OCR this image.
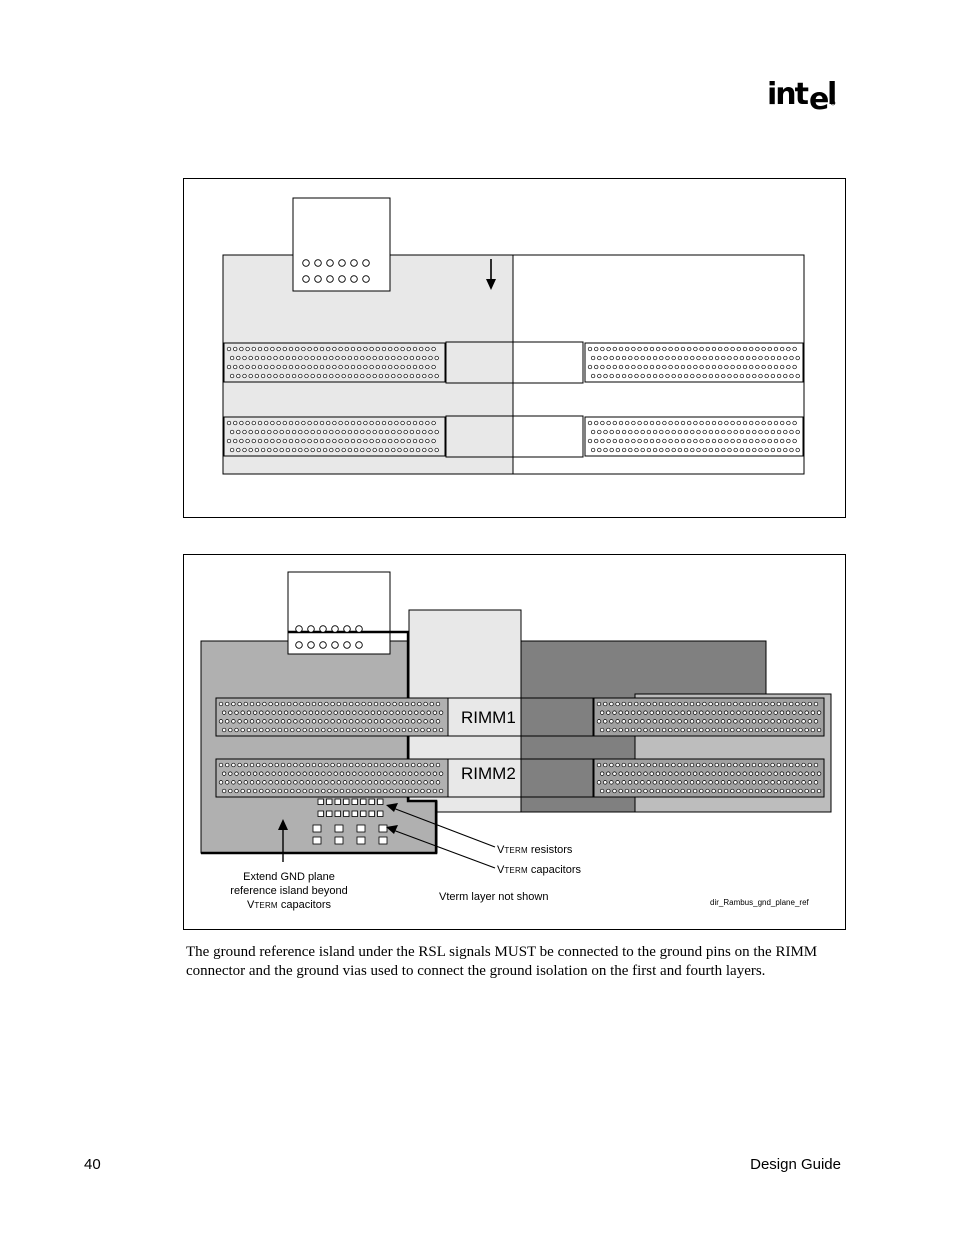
int e
l
RIMM1
RIMM2
VTERM resistors
VTERM capacitors
Extend GND plane
reference island beyond
VTERM capacitors
Vterm layer not shown	dir_Rambus_gnd_plane_ref
The ground reference island under the RSL signals MUST be connected to the ground pins on the RIMM connector and the ground vias used to connect the ground isolation on the first and fourth layers.
40	Design Guide
